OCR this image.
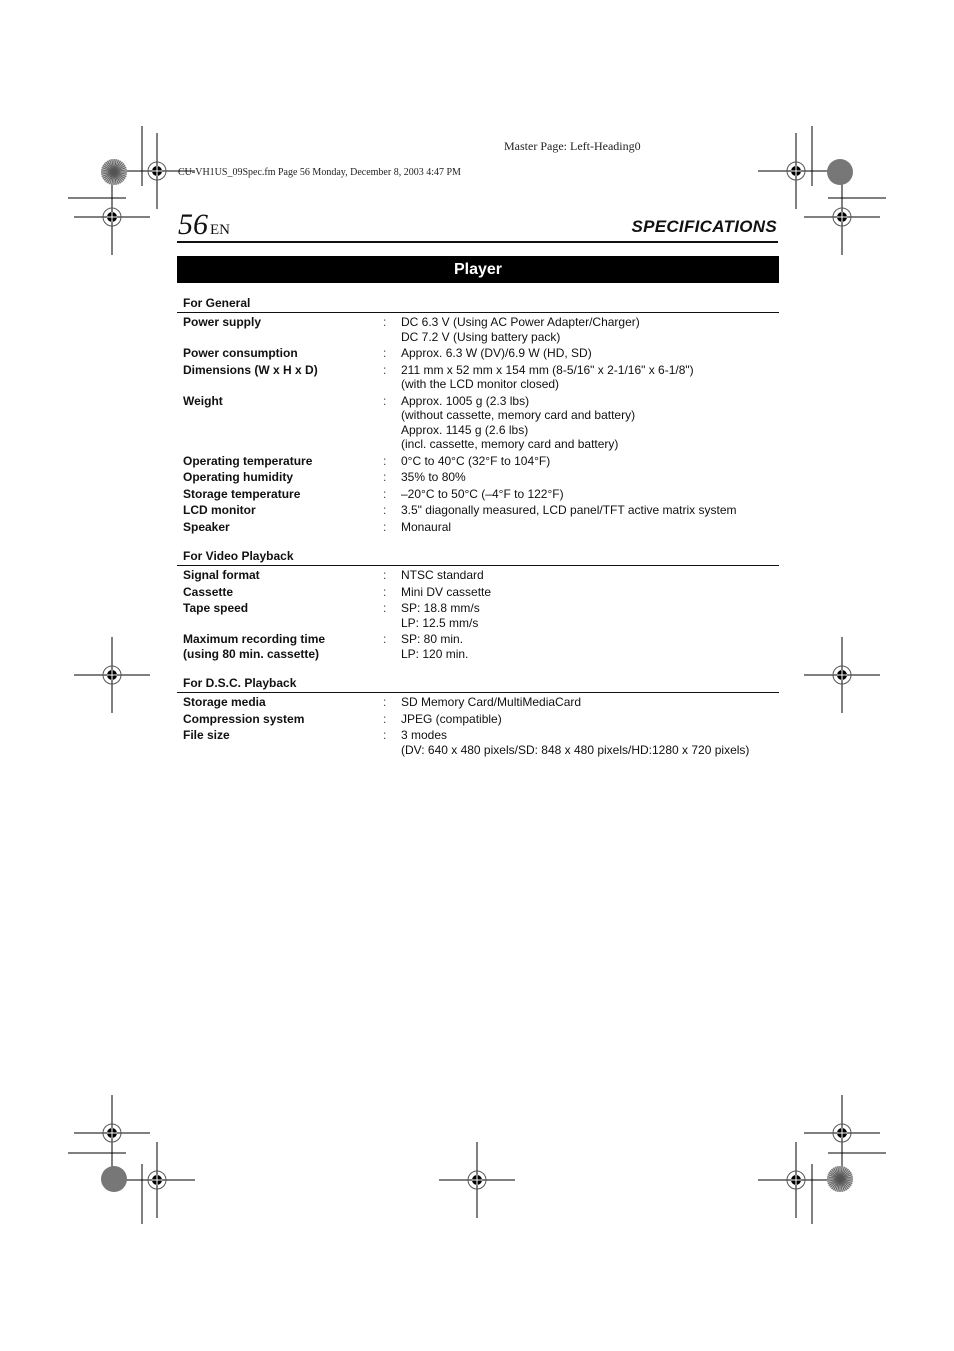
Master Page: Left-Heading0
CU-VH1US_09Spec.fm Page 56 Monday, December 8, 2003 4:47 PM
56 EN	SPECIFICATIONS
Player
For General
Power supply	:	DC 6.3 V (Using AC Power Adapter/Charger)
DC 7.2 V (Using battery pack)
Power consumption	:	Approx. 6.3 W (DV)/6.9 W (HD, SD)
Dimensions (W x H x D)	:	211 mm x 52 mm x 154 mm (8-5/16" x 2-1/16" x 6-1/8")
(with the LCD monitor closed)
Weight	:	Approx. 1005 g (2.3 lbs)
(without cassette, memory card and battery)
Approx. 1145 g (2.6 lbs)
(incl. cassette, memory card and battery)
Operating temperature	:	0°C to 40°C (32°F to 104°F)
Operating humidity	:	35% to 80%
Storage temperature	:	–20°C to 50°C (–4°F to 122°F)
LCD monitor	:	3.5" diagonally measured, LCD panel/TFT active matrix system
Speaker	:	Monaural
For Video Playback
Signal format	:	NTSC standard
Cassette	:	Mini DV cassette
Tape speed	:	SP: 18.8 mm/s
LP: 12.5 mm/s
Maximum recording time
(using 80 min. cassette)
:	SP: 80 min.
LP: 120 min.
For D.S.C. Playback
Storage media	:	SD Memory Card/MultiMediaCard
Compression system	:	JPEG (compatible)
File size	:	3 modes
(DV: 640 x 480 pixels/SD: 848 x 480 pixels/HD:1280 x 720 pixels)
